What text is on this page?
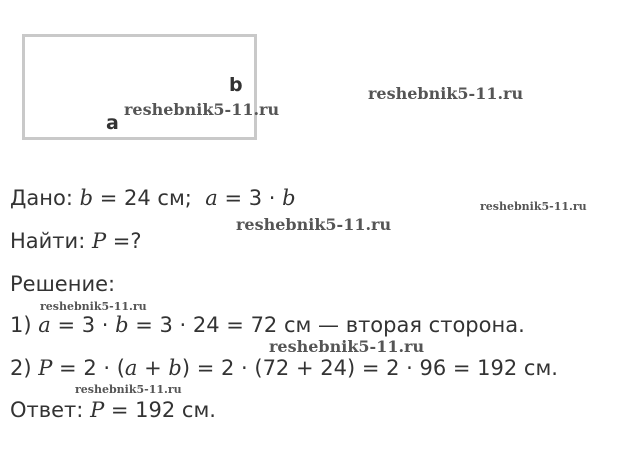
b
a
reshebnik5-11.ru
reshebnik5-11.ru
reshebnik5-11.ru
reshebnik5-11.ru
reshebnik5-11.ru
reshebnik5-11.ru
reshebnik5-11.ru
Дано: b = 24 см; a = 3 · b
Найти: P =?
Решение:
1) a = 3 · b = 3 · 24 = 72 см — вторая сторона.
2) P = 2 · (a + b) = 2 · (72 + 24) = 2 · 96 = 192 см.
Ответ: P = 192 см.
